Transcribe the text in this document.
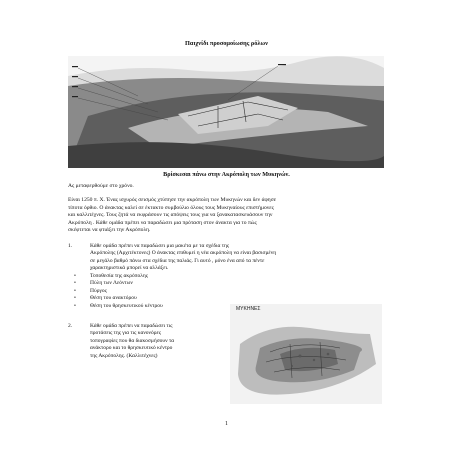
Παιχνίδι προσομοίωσης ρόλων
Βρίσκεσαι πάνω στην Ακρόπολη των Μυκηνών.
Ας μεταφερθούμε στο χρόνο.
Είναι 1250 π. Χ. Ένας ισχυρός σεισμός χτύπησε την ακρόπολη των Μυκηνών και δεν άφησε
τίποτα όρθιο. Ο άνακτας καλεί σε έκτακτο συμβούλιο όλους τους Μυκηναίους επιστήμονες
και καλλιτέχνες. Τους ζητά να εκφράσουν τις απόψεις τους για να ξανακατασκευάσουν την
Ακρόπολη . Κάθε ομάδα πρέπει να παραδώσει μια πρόταση στον άνακτα για το πώς
σκέφτεται να φτιάξει την Ακρόπολη.
1.	Κάθε ομάδα πρέπει να παραδώσει μια μακέτα με τα σχέδια της
Ακρόπολης (Αρχιτέκτονες) Ο άνακτας επιθυμεί η νέα ακρόπολη να είναι βασισμένη
σε μεγάλο βαθμό πάνω στα σχέδια της παλιάς. Γι αυτό , μόνο ένα από τα πέντε
χαρακτηριστικά μπορεί να αλλάξει.
•	Τοποθεσία της ακρόπολης
•	Πύλη των Λεόντων
•	Πύργος
•	Θέση του ανακτόρου
•	Θέση του θρησκευτικού κέντρου
2.	Κάθε ομάδα πρέπει να παραδώσει τις
προτάσεις της για τις κανονόρες
τοπογραφίες που θα διακοσμήσουν τα
ανάκτορο και το θρησκευτικό κέντρο
της Ακρόπολης. (Καλλιτέχνες)
ΜΥΚΗΝΕΣ
1
